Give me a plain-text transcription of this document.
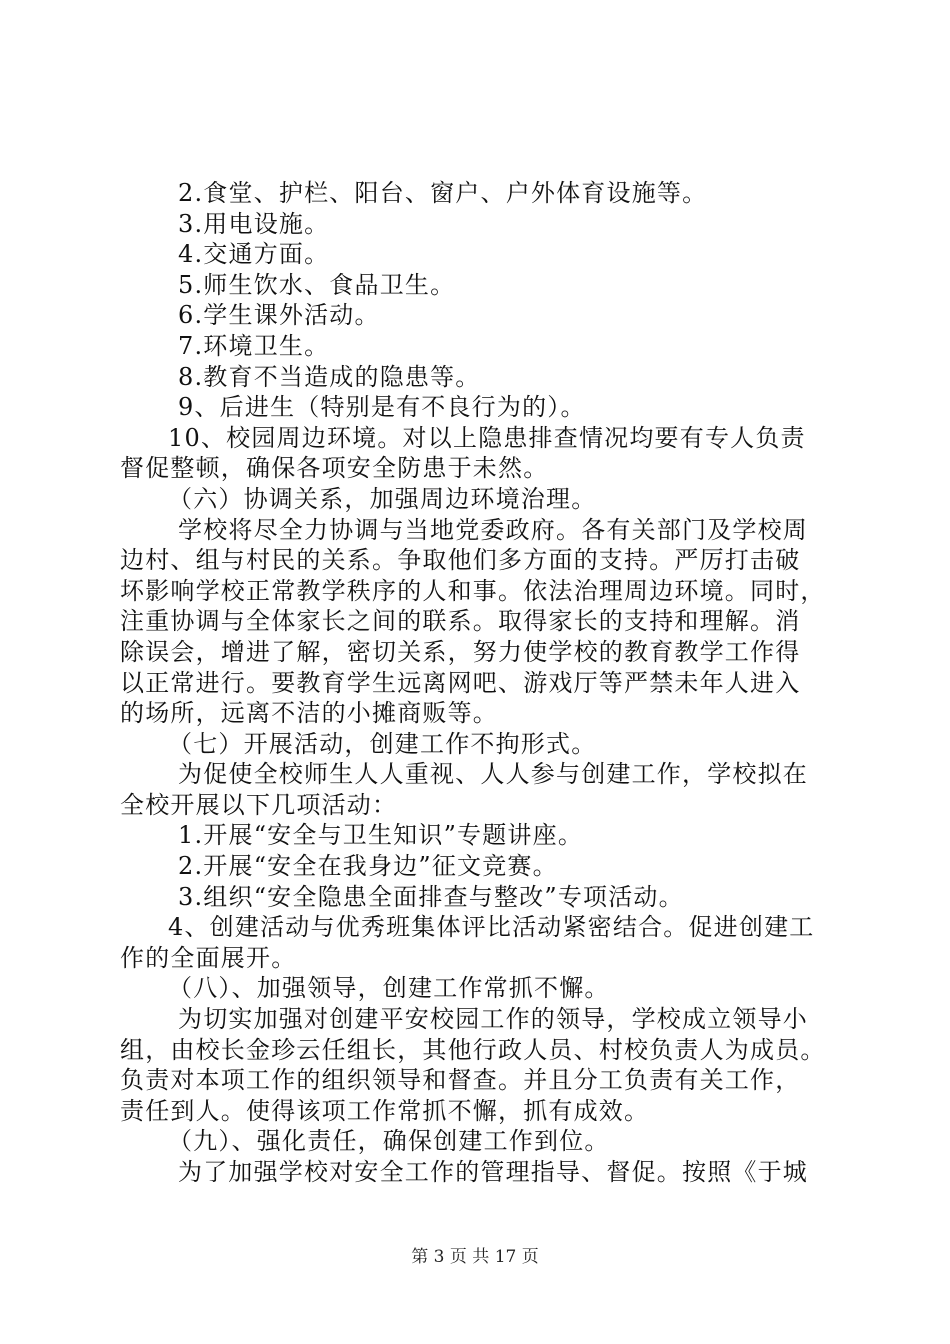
2.食堂、护栏、阳台、窗户、户外体育设施等。
3.用电设施。
4.交通方面。
5.师生饮水、食品卫生。
6.学生课外活动。
7.环境卫生。
8.教育不当造成的隐患等。
9、后进生（特别是有不良行为的）。
10、校园周边环境。对以上隐患排查情况均要有专人负责
督促整顿，确保各项安全防患于未然。
（六）协调关系，加强周边环境治理。
学校将尽全力协调与当地党委政府。各有关部门及学校周
边村、组与村民的关系。争取他们多方面的支持。严厉打击破
坏影响学校正常教学秩序的人和事。依法治理周边环境。同时，
注重协调与全体家长之间的联系。取得家长的支持和理解。消
除误会，增进了解，密切关系，努力使学校的教育教学工作得
以正常进行。要教育学生远离网吧、游戏厅等严禁未年人进入
的场所，远离不洁的小摊商贩等。
（七）开展活动，创建工作不拘形式。
为促使全校师生人人重视、人人参与创建工作，学校拟在
全校开展以下几项活动：
1.开展“安全与卫生知识”专题讲座。
2.开展“安全在我身边”征文竞赛。
3.组织“安全隐患全面排查与整改”专项活动。
4、创建活动与优秀班集体评比活动紧密结合。促进创建工
作的全面展开。
（八）、加强领导，创建工作常抓不懈。
为切实加强对创建平安校园工作的领导，学校成立领导小
组，由校长金珍云任组长，其他行政人员、村校负责人为成员。
负责对本项工作的组织领导和督查。并且分工负责有关工作，
责任到人。使得该项工作常抓不懈，抓有成效。
（九）、强化责任，确保创建工作到位。
为了加强学校对安全工作的管理指导、督促。按照《于城
第 3 页 共 17 页
